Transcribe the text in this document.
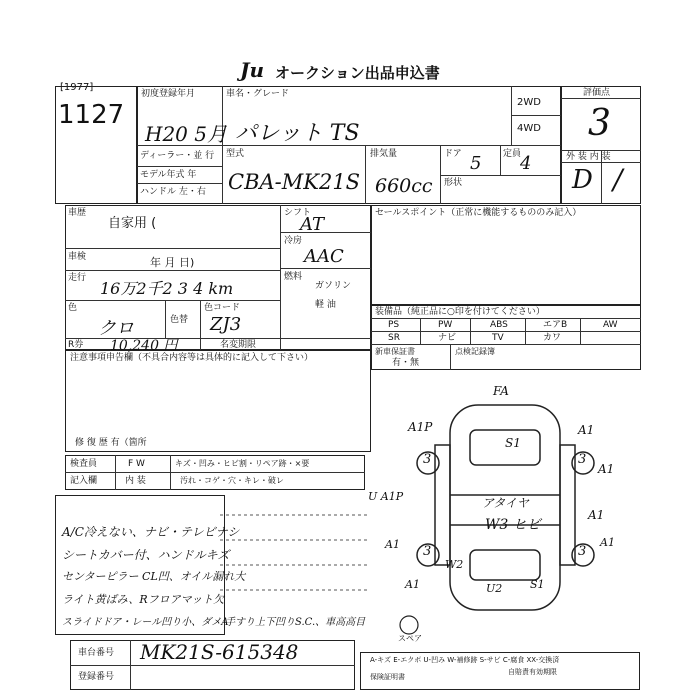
Ju オークション出品申込書
[1977]
1127
初度登録年月
H20 5月
ディーラー・並 行
モデル年式 年
ハンドル 左・右
車名・グレード
パレット TS
型式
CBA-MK21S
排気量
660cc
ドア 5 定員
4
形状
2WD
4WD
評価点
3
外 装 内 装
D /
車歴
自家用 (
車検	年 月 日)
走行
16万2千2 3 4 km
色
クロ	色替
色コード
ZJ3
R券 10,240 円	名変期限
シフト
AT
冷房
AAC
燃料
ガソリン
軽 油
セールスポイント（正常に機能するもののみ記入）
装備品（純正品に○印を付けてください）
PS	PW	ABS	エアB	AW
SR	ナビ	TV	カワ
新車保証書
有・無
点検記録簿
注意事項申告欄（不具合内容等は具体的に記入して下さい）
修 復 歴 有（箇所
検査員
記入欄
F W	キズ・凹み・ヒビ割・リペア跡・×要
内 装	汚れ・コゲ・穴・キレ・破レ
A/C冷えない、ナビ・テレビナシ
シートカバー付、ハンドルキズ
センターピラー CL凹、オイル漏れ大
ライト黄ばみ、Rフロアマット欠
スライドドア・レール凹り小、ダメA
手すり上下凹りS.C.、車高高目
3	3
3	3
FA
A1
S1
A1P
A1
U A1P	アタイヤ
W3 ヒビ
A1
W2
U2	S1
A1	A1
A1
スペア
車台番号 MK21S-615348
登録番号
A-キズ E-エクボ U-凹み W-補修跡 S-サビ C-腐食 XX-交換済
保険証明書
自賠責有効期限
